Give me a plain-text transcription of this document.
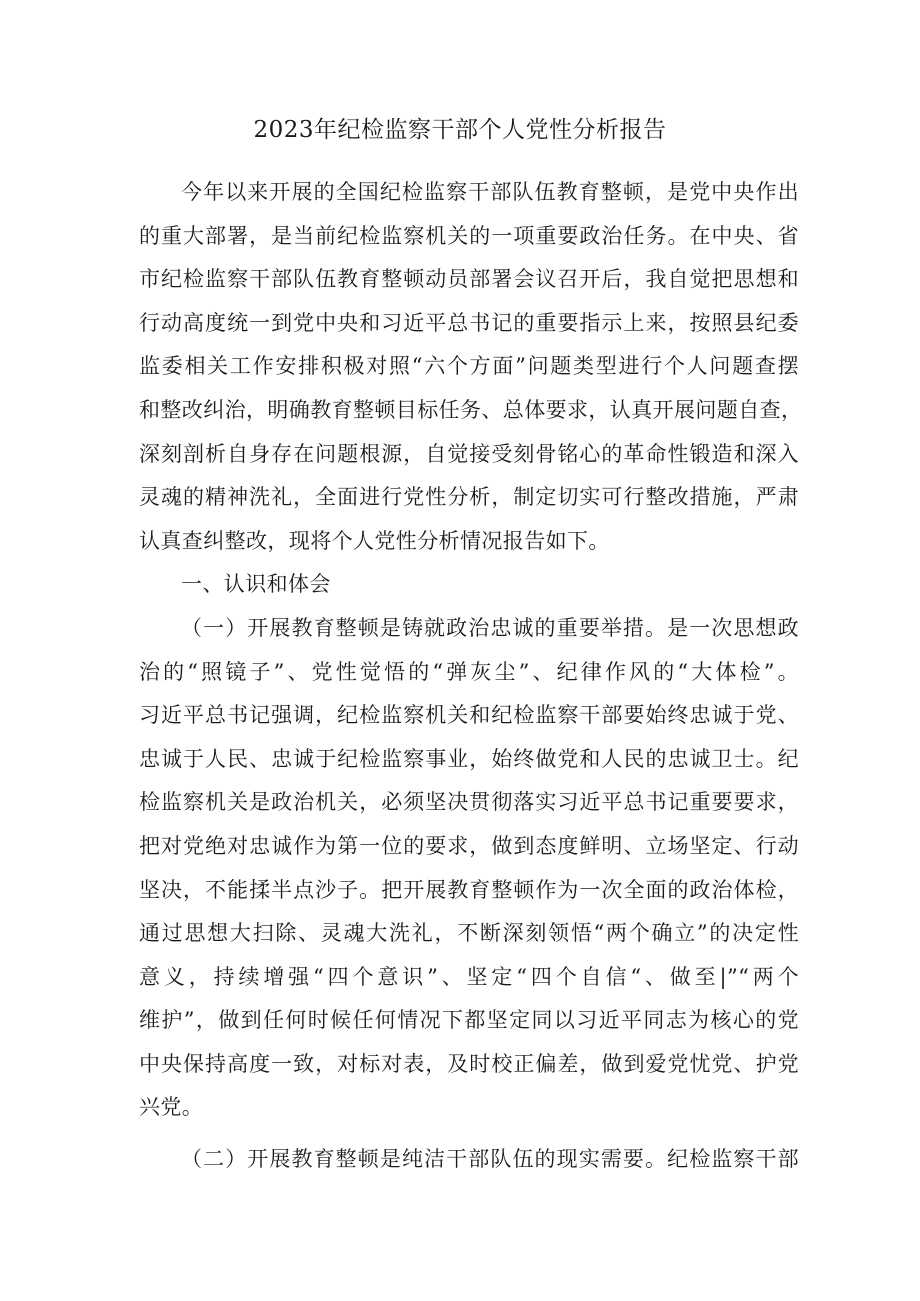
2023年纪检监察干部个人党性分析报告
今年以来开展的全国纪检监察干部队伍教育整顿，是党中央作出
的重大部署，是当前纪检监察机关的一项重要政治任务。在中央、省
市纪检监察干部队伍教育整顿动员部署会议召开后，我自觉把思想和
行动高度统一到党中央和习近平总书记的重要指示上来，按照县纪委
监委相关工作安排积极对照“六个方面”问题类型进行个人问题查摆
和整改纠治，明确教育整顿目标任务、总体要求，认真开展问题自查，
深刻剖析自身存在问题根源，自觉接受刻骨铭心的革命性锻造和深入
灵魂的精神洗礼，全面进行党性分析，制定切实可行整改措施，严肃
认真查纠整改，现将个人党性分析情况报告如下。
一、认识和体会
（一）开展教育整顿是铸就政治忠诚的重要举措。是一次思想政
治的“照镜子”、党性觉悟的“弹灰尘”、纪律作风的“大体检”。
习近平总书记强调，纪检监察机关和纪检监察干部要始终忠诚于党、
忠诚于人民、忠诚于纪检监察事业，始终做党和人民的忠诚卫士。纪
检监察机关是政治机关，必须坚决贯彻落实习近平总书记重要要求，
把对党绝对忠诚作为第一位的要求，做到态度鲜明、立场坚定、行动
坚决，不能揉半点沙子。把开展教育整顿作为一次全面的政治体检，
通过思想大扫除、灵魂大洗礼，不断深刻领悟“两个确立”的决定性
意义，持续增强“四个意识”、坚定“四个自信“、做至|”“两个
维护”，做到任何时候任何情况下都坚定同以习近平同志为核心的党
中央保持高度一致，对标对表，及时校正偏差，做到爱党忧党、护党
兴党。
（二）开展教育整顿是纯洁干部队伍的现实需要。纪检监察干部
